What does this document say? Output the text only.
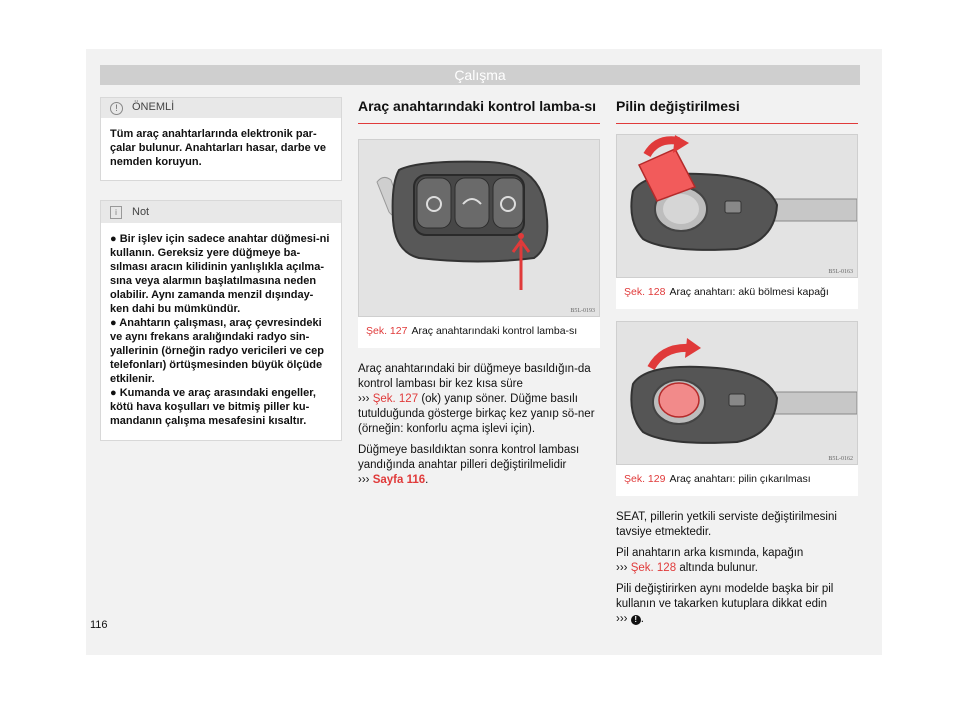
Çalışma
!	ÖNEMLİ
Tüm araç anahtarlarında elektronik par-çalar bulunur. Anahtarları hasar, darbe ve nemden koruyun.
i	Not

● Bir işlev için sadece anahtar düğmesi-ni kullanın. Gereksiz yere düğmeye ba-sılması aracın kilidinin yanlışlıkla açılma-sına veya alarmın başlatılmasına neden olabilir. Aynı zamanda menzil dışınday-ken dahi bu mümkündür.

● Anahtarın çalışması, araç çevresindeki ve aynı frekans aralığındaki radyo sin-yallerinin (örneğin radyo vericileri ve cep telefonları) örtüşmesinden büyük ölçüde etkilenir.

● Kumanda ve araç arasındaki engeller, kötü hava koşulları ve bitmiş piller ku-mandanın çalışma mesafesini kısaltır.

Araç anahtarındaki kontrol lamba-sı
B5L-0193
Şek. 127 Araç anahtarındaki kontrol lamba-sı

Araç anahtarındaki bir düğmeye basıldığın-da kontrol lambası bir kez kısa süre
››› Şek. 127 (ok) yanıp söner. Düğme basılı tutulduğunda gösterge birkaç kez yanıp sö-ner (örneğin: konforlu açma işlevi için).

Düğmeye basıldıktan sonra kontrol lambası yandığında anahtar pilleri değiştirilmelidir
››› Sayfa 116.

Pilin değiştirilmesi
B5L-0163
Şek. 128 Araç anahtarı: akü bölmesi kapağı
B5L-0162
Şek. 129 Araç anahtarı: pilin çıkarılması

SEAT, pillerin yetkili serviste değiştirilmesini tavsiye etmektedir.

Pil anahtarın arka kısmında, kapağın
››› Şek. 128 altında bulunur.

Pili değiştirirken aynı modelde başka bir pil kullanın ve takarken kutuplara dikkat edin
››› ! .

116
